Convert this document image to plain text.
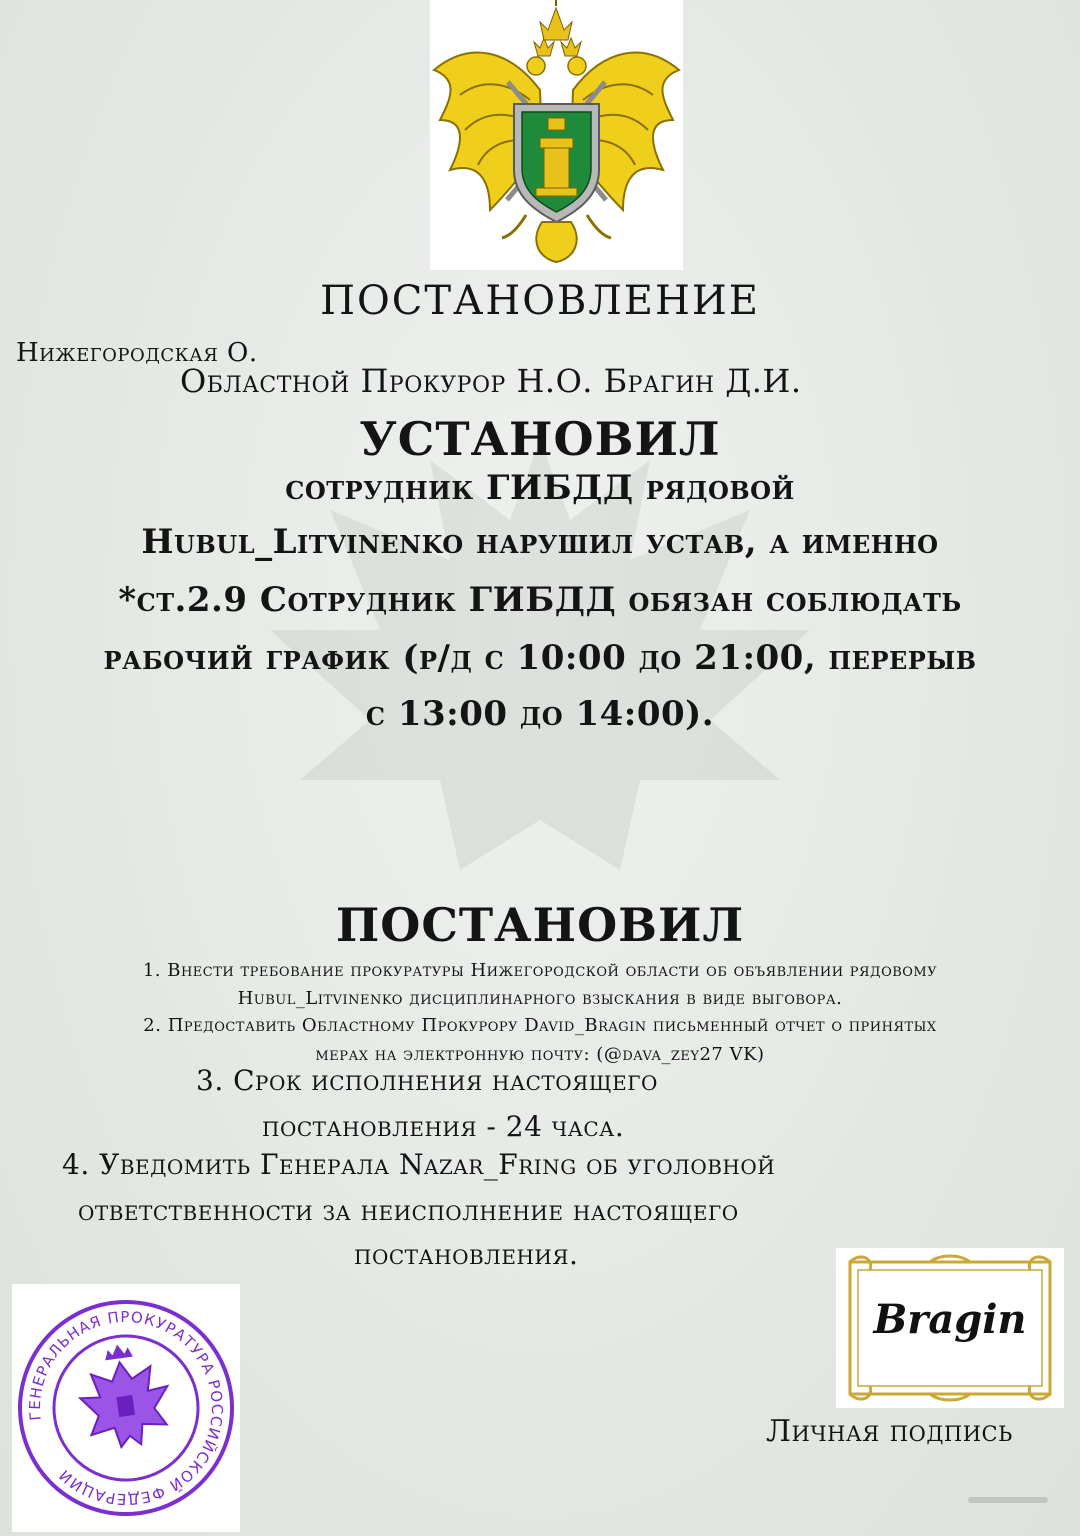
ПОСТАНОВЛЕНИЕ
Нижегородская О.
Областной Прокурор Н.О. Брагин Д.И.
УСТАНОВИЛ
сотрудник ГИБДД рядовой
Hubul_Litvinenko нарушил устав, а именно
*ст.2.9 Сотрудник ГИБДД обязан соблюдать
рабочий график (р/д с 10:00 до 21:00, перерыв
с 13:00 до 14:00).
ПОСТАНОВИЛ
1. Внести требование прокуратуры Нижегородской области об объявлении рядовому
Hubul_Litvinenko дисциплинарного взыскания в виде выговора.
2. Предоставить Областному Прокурору David_Bragin письменный отчет о принятых
мерах на электронную почту: (@dava_zey27 VK)
3. Срок исполнения настоящего
постановления - 24 часа.
4. Уведомить Генерала Nazar_Fring об уголовной
ответственности за неисполнение настоящего
постановления.
ГЕНЕРАЛЬНАЯ ПРОКУРАТУРА РОССИЙСКОЙ ФЕДЕРАЦИИ
Bragin
Личная подпись
